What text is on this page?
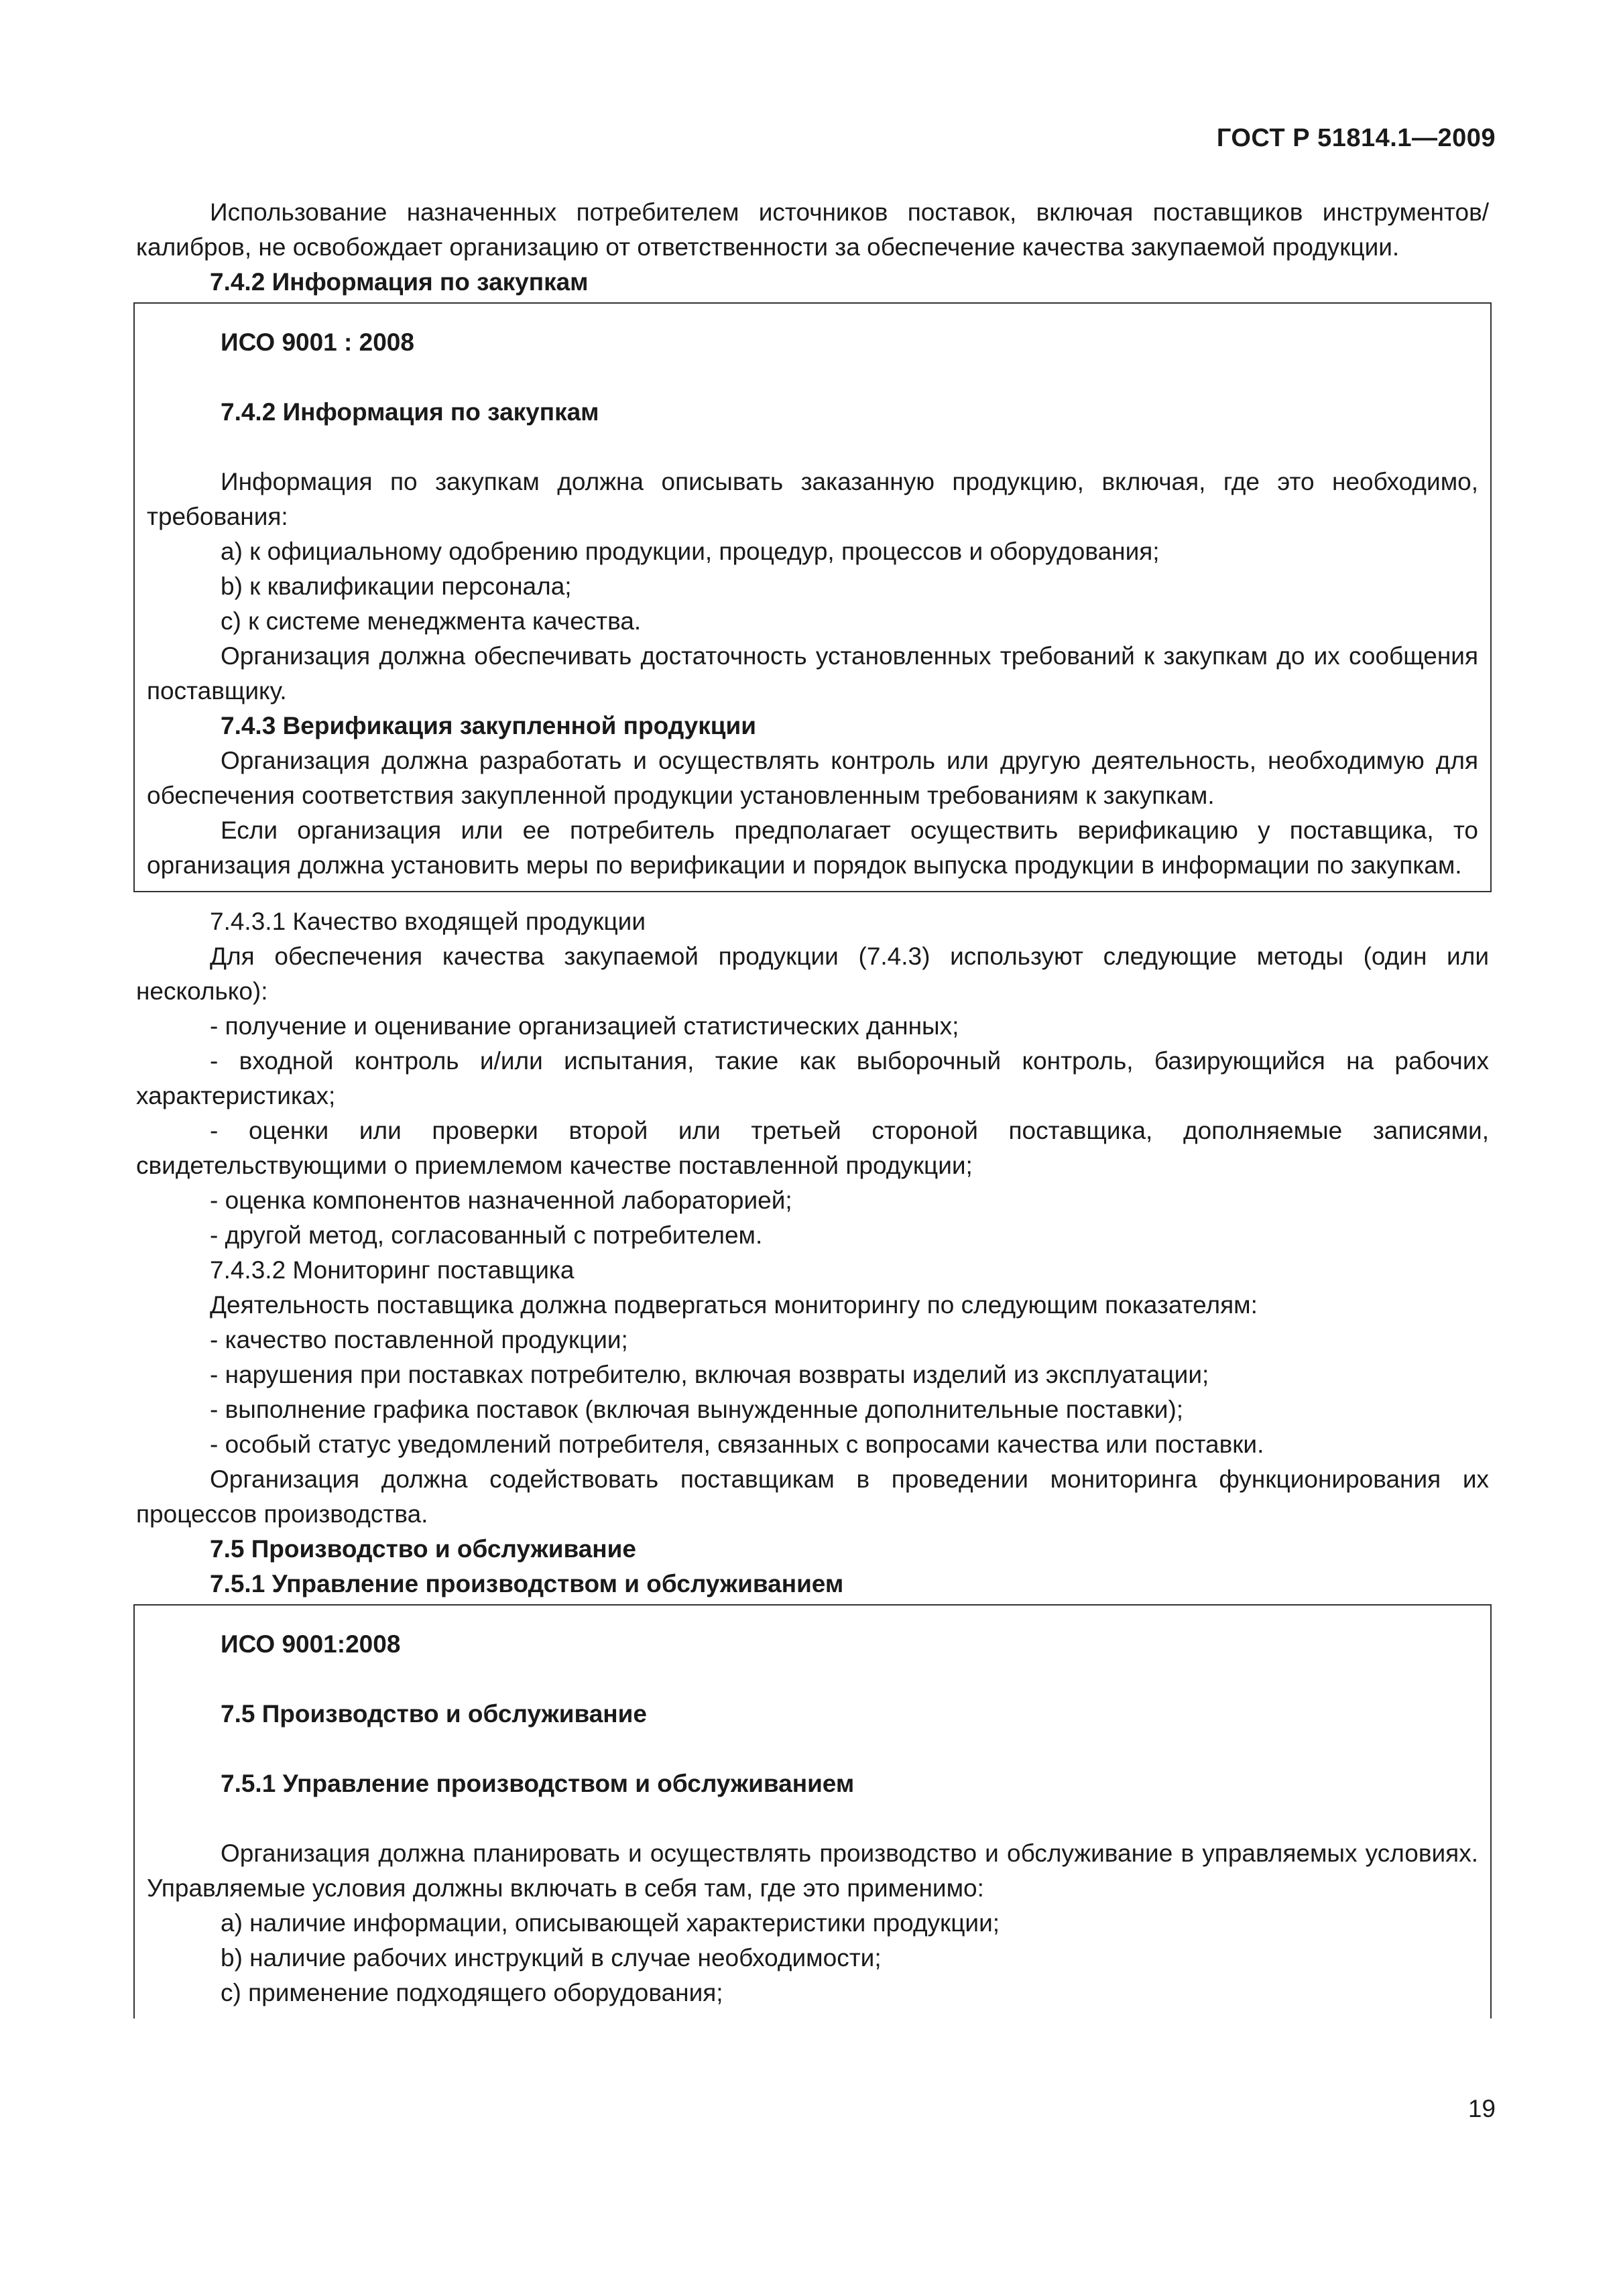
ГОСТ Р 51814.1—2009

Использование назначенных потребителем источников поставок, включая поставщиков инструментов/калибров, не освобождает организацию от ответственности за обеспечение качества закупаемой продукции.

7.4.2 Информация по закупкам

ИСО 9001 : 2008

7.4.2 Информация по закупкам

Информация по закупкам должна описывать заказанную продукцию, включая, где это необходимо, требования:

а) к официальному одобрению продукции, процедур, процессов и оборудования;

b) к квалификации персонала;

с) к системе менеджмента качества.

Организация должна обеспечивать достаточность установленных требований к закупкам до их сообщения поставщику.

7.4.3 Верификация закупленной продукции

Организация должна разработать и осуществлять контроль или другую деятельность, необходимую для обеспечения соответствия закупленной продукции установленным требованиям к закупкам.

Если организация или ее потребитель предполагает осуществить верификацию у поставщика, то организация должна установить меры по верификации и порядок выпуска продукции в информации по закупкам.

7.4.3.1 Качество входящей продукции

Для обеспечения качества закупаемой продукции (7.4.3) используют следующие методы (один или несколько):

- получение и оценивание организацией статистических данных;

- входной контроль и/или испытания, такие как выборочный контроль, базирующийся на рабочих характеристиках;

- оценки или проверки второй или третьей стороной поставщика, дополняемые записями, свидетельствующими о приемлемом качестве поставленной продукции;

- оценка компонентов назначенной лабораторией;

- другой метод, согласованный с потребителем.

7.4.3.2 Мониторинг поставщика

Деятельность поставщика должна подвергаться мониторингу по следующим показателям:

- качество поставленной продукции;

- нарушения при поставках потребителю, включая возвраты изделий из эксплуатации;

- выполнение графика поставок (включая вынужденные дополнительные поставки);

- особый статус уведомлений потребителя, связанных с вопросами качества или поставки.

Организация должна содействовать поставщикам в проведении мониторинга функционирования их процессов производства.

7.5 Производство и обслуживание

7.5.1 Управление производством и обслуживанием

ИСО 9001:2008

7.5 Производство и обслуживание

7.5.1 Управление производством и обслуживанием

Организация должна планировать и осуществлять производство и обслуживание в управляемых условиях. Управляемые условия должны включать в себя там, где это применимо:

а) наличие информации, описывающей характеристики продукции;

b) наличие рабочих инструкций в случае необходимости;

с) применение подходящего оборудования;

19
